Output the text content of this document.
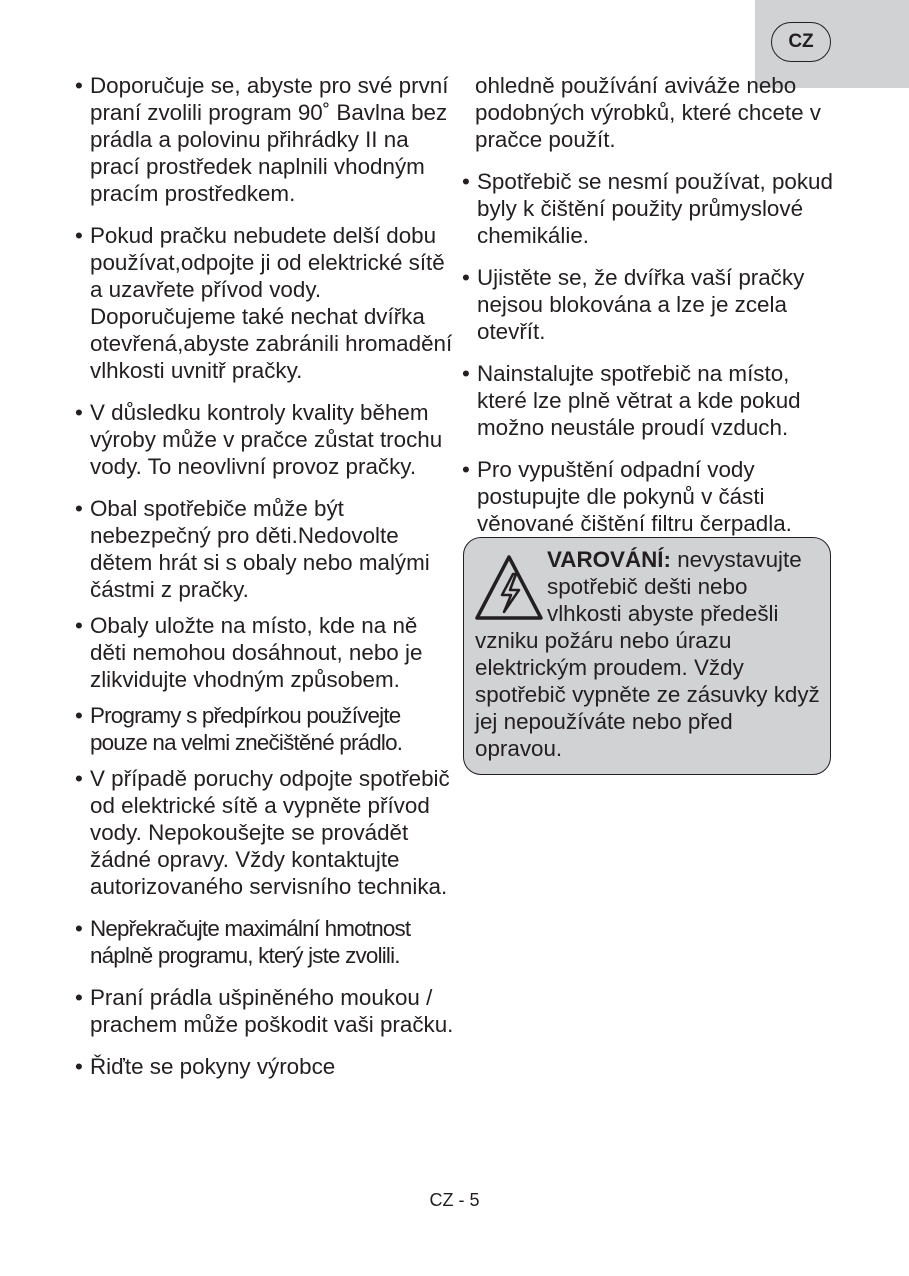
CZ
• Doporučuje se, abyste pro své první praní zvolili program 90˚ Bavlna bez prádla a polovinu přihrádky II na prací prostředek naplnili vhodným pracím prostředkem.
• Pokud pračku nebudete delší dobu používat,odpojte ji od elektrické sítě a uzavřete přívod vody. Doporučujeme také nechat dvířka otevřená,abyste zabránili hromadění vlhkosti uvnitř pračky.
• V důsledku kontroly kvality během výroby může v pračce zůstat trochu vody. To neovlivní provoz pračky.
• Obal spotřebiče může být nebezpečný pro děti.Nedovolte dětem hrát si s obaly nebo malými částmi z pračky.
• Obaly uložte na místo, kde na ně děti nemohou dosáhnout, nebo je zlikvidujte vhodným způsobem.
• Programy s předpírkou používejte pouze na velmi znečištěné prádlo.
• V případě poruchy odpojte spotřebič od elektrické sítě a vypněte přívod vody. Nepokoušejte se provádět žádné opravy. Vždy kontaktujte autorizovaného servisního technika.
• Nepřekračujte maximální hmotnost náplně programu, který jste zvolili.
• Praní prádla ušpiněného moukou / prachem může poškodit vaši pračku.
• Řiďte se pokyny výrobce
ohledně používání aviváže nebo podobných výrobků, které chcete v pračce použít.
• Spotřebič se nesmí používat, pokud byly k čištění použity průmyslové chemikálie.
• Ujistěte se, že dvířka vaší pračky nejsou blokována a lze je zcela otevřít.
• Nainstalujte spotřebič na místo, které lze plně větrat a kde pokud možno neustále proudí vzduch.
• Pro vypuštění odpadní vody postupujte dle pokynů v části věnované čištění filtru čerpadla.
VAROVÁNÍ: nevystavujte spotřebič dešti nebo vlhkosti abyste předešli vzniku požáru nebo úrazu elektrickým proudem. Vždy spotřebič vypněte ze zásuvky když jej nepoužíváte nebo před opravou.
CZ - 5
